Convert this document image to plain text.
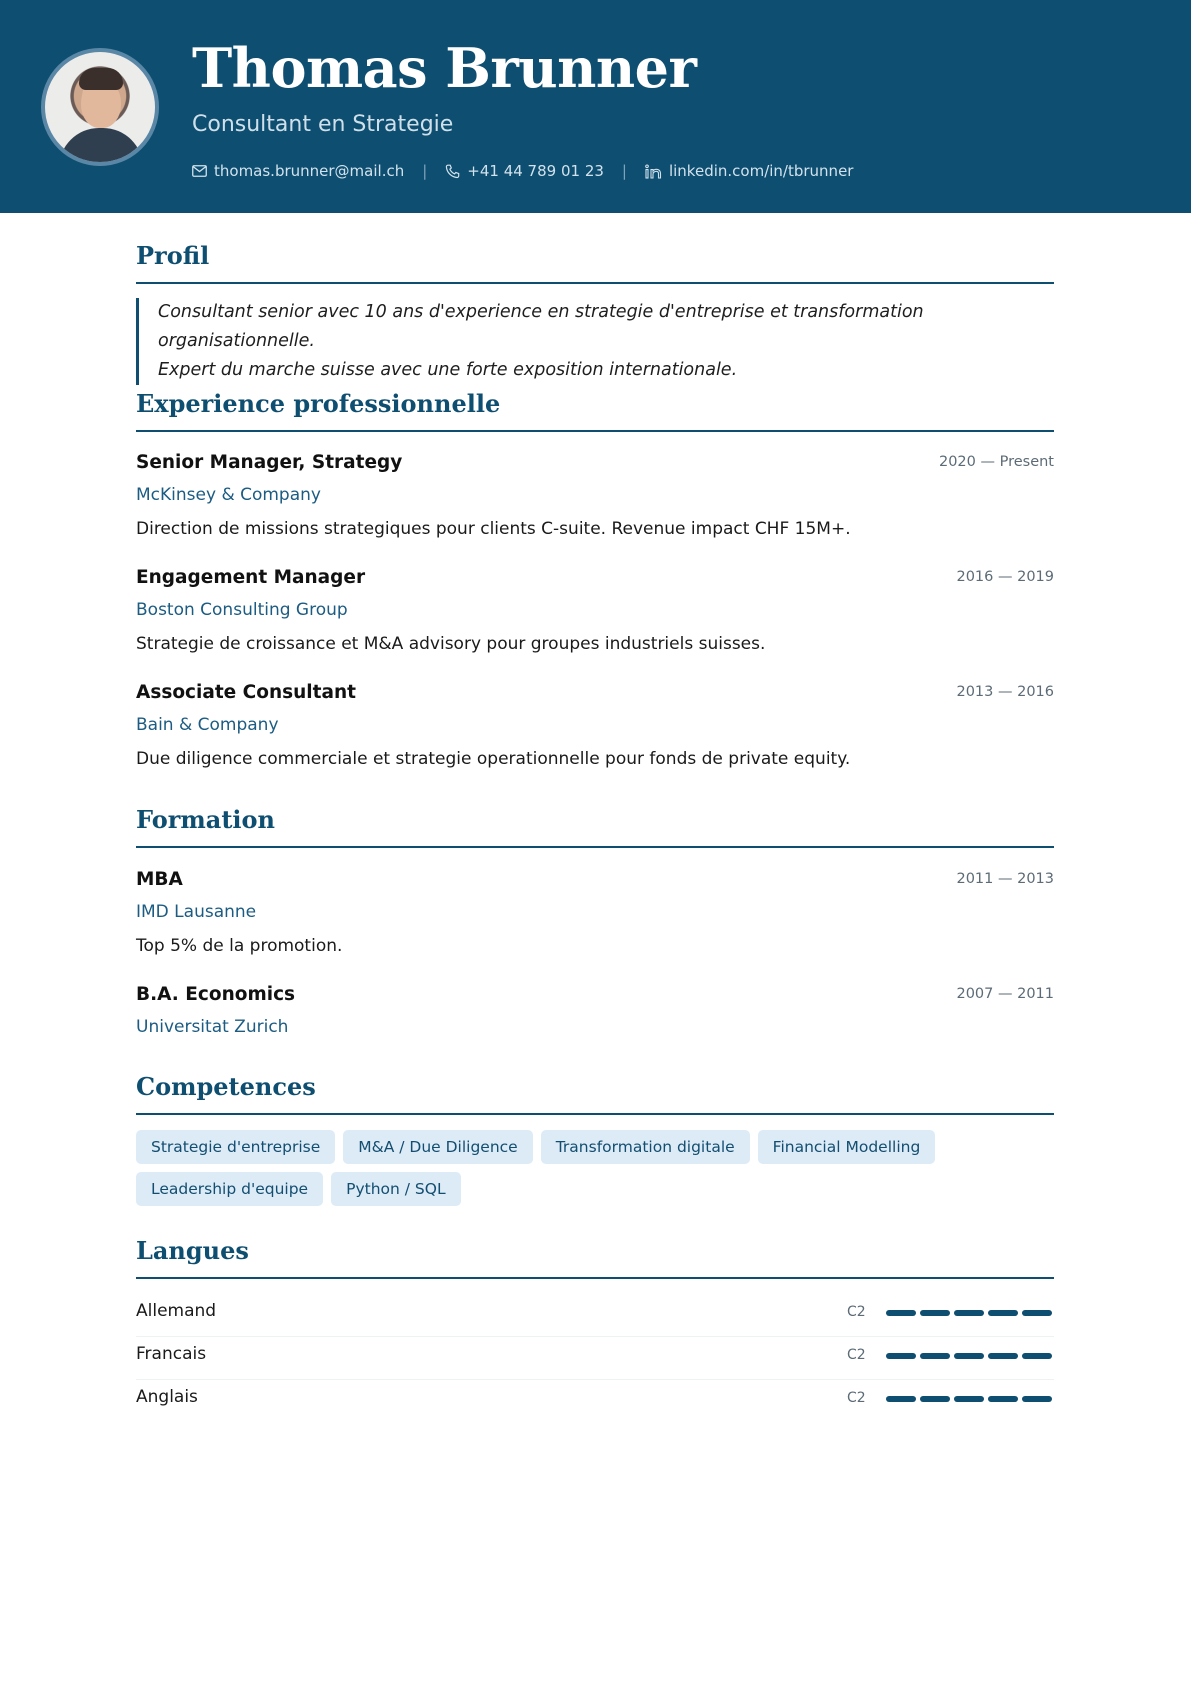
Thomas Brunner
Consultant en Strategie
thomas.brunner@mail.ch |	+41 44 789 01 23 |	linkedin.com/in/tbrunner
Profil
Consultant senior avec 10 ans d'experience en strategie d'entreprise et transformation organisationnelle.
Expert du marche suisse avec une forte exposition internationale.
Experience professionnelle
Senior Manager, Strategy	2020 — Present
McKinsey & Company
Direction de missions strategiques pour clients C-suite. Revenue impact CHF 15M+.
Engagement Manager	2016 — 2019
Boston Consulting Group
Strategie de croissance et M&A advisory pour groupes industriels suisses.
Associate Consultant	2013 — 2016
Bain & Company
Due diligence commerciale et strategie operationnelle pour fonds de private equity.
Formation
MBA	2011 — 2013
IMD Lausanne
Top 5% de la promotion.
B.A. Economics	2007 — 2011
Universitat Zurich
Competences
Strategie d'entreprise	M&A / Due Diligence	Transformation digitale	Financial Modelling
Leadership d'equipe	Python / SQL
Langues
Allemand	C2
Francais	C2
Anglais	C2
